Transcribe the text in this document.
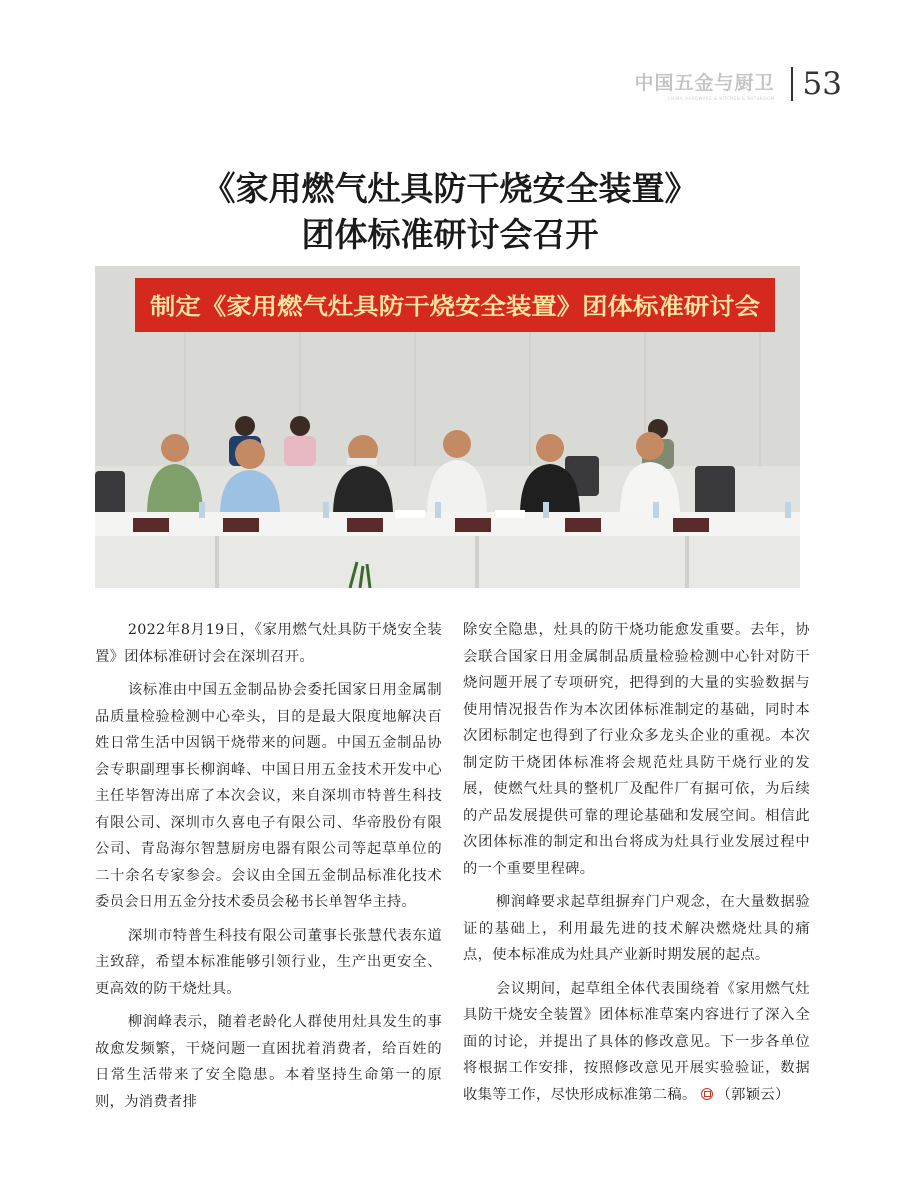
中国五金与厨卫
CHINA HARDWARE & KITCHEN & BATHROOM 53
《家用燃气灶具防干烧安全装置》
团体标准研讨会召开
制定《家用燃气灶具防干烧安全装置》团体标准研讨会

2022年8月19日，《家用燃气灶具防干烧安全装置》团体标准研讨会在深圳召开。

该标准由中国五金制品协会委托国家日用金属制品质量检验检测中心牵头，目的是最大限度地解决百姓日常生活中因锅干烧带来的问题。中国五金制品协会专职副理事长柳润峰、中国日用五金技术开发中心主任毕智涛出席了本次会议，来自深圳市特普生科技有限公司、深圳市久喜电子有限公司、华帝股份有限公司、青岛海尔智慧厨房电器有限公司等起草单位的二十余名专家参会。会议由全国五金制品标准化技术委员会日用五金分技术委员会秘书长单智华主持。

深圳市特普生科技有限公司董事长张慧代表东道主致辞，希望本标准能够引领行业，生产出更安全、更高效的防干烧灶具。

柳润峰表示，随着老龄化人群使用灶具发生的事故愈发频繁，干烧问题一直困扰着消费者，给百姓的日常生活带来了安全隐患。本着坚持生命第一的原则，为消费者排

除安全隐患，灶具的防干烧功能愈发重要。去年，协会联合国家日用金属制品质量检验检测中心针对防干烧问题开展了专项研究，把得到的大量的实验数据与使用情况报告作为本次团体标准制定的基础，同时本次团标制定也得到了行业众多龙头企业的重视。本次制定防干烧团体标准将会规范灶具防干烧行业的发展，使燃气灶具的整机厂及配件厂有据可依，为后续的产品发展提供可靠的理论基础和发展空间。相信此次团体标准的制定和出台将成为灶具行业发展过程中的一个重要里程碑。

柳润峰要求起草组摒弃门户观念，在大量数据验证的基础上，利用最先进的技术解决燃烧灶具的痛点，使本标准成为灶具产业新时期发展的起点。

会议期间，起草组全体代表围绕着《家用燃气灶具防干烧安全装置》团体标准草案内容进行了深入全面的讨论，并提出了具体的修改意见。下一步各单位将根据工作安排，按照修改意见开展实验验证，数据收集等工作，尽快形成标准第二稿。 （郭颖云）
